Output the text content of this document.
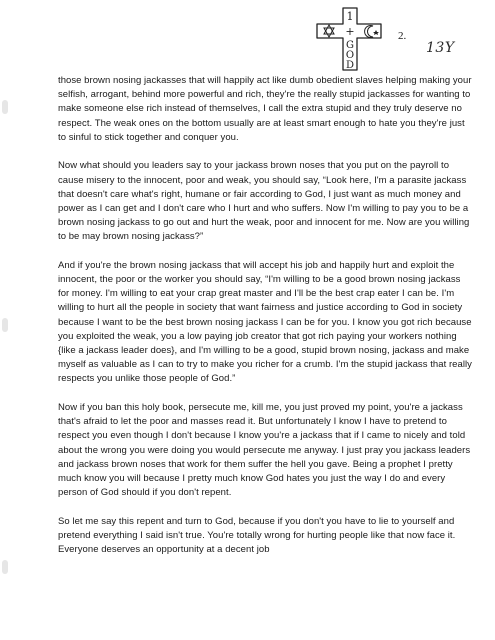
1
+
G
O
D
2.
13Y

those brown nosing jackasses that will happily act like dumb obedient slaves helping making your selfish, arrogant, behind more powerful and rich, they're the really stupid jackasses for wanting to make someone else rich instead of themselves, I call the extra stupid and they truly deserve no respect. The weak ones on the bottom usually are at least smart enough to hate you they're just to sinful to stick together and conquer you.

Now what should you leaders say to your jackass brown noses that you put on the payroll to cause misery to the innocent, poor and weak, you should say, “Look here, I'm a parasite jackass that doesn't care what's right, humane or fair according to God, I just want as much money and power as I can get and I don't care who I hurt and who suffers. Now I'm willing to pay you to be a brown nosing jackass to go out and hurt the weak, poor and innocent for me. Now are you willing to be may brown nosing jackass?”

And if you're the brown nosing jackass that will accept his job and happily hurt and exploit the innocent, the poor or the worker you should say, “I'm willing to be a good brown nosing jackass for money. I'm willing to eat your crap great master and I'll be the best crap eater I can be. I'm willing to hurt all the people in society that want fairness and justice according to God in society because I want to be the best brown nosing jackass I can be for you. I know you got rich because you exploited the weak, you a low paying job creator that got rich paying your workers nothing {like a jackass leader does}, and I'm willing to be a good, stupid brown nosing, jackass and make myself as valuable as I can to try to make you richer for a crumb. I'm the stupid jackass that really respects you unlike those people of God.”

Now if you ban this holy book, persecute me, kill me, you just proved my point, you're a jackass that's afraid to let the poor and masses read it. But unfortunately I know I have to pretend to respect you even though I don't because I know you're a jackass that if I came to nicely and told about the wrong you were doing you would persecute me anyway. I just pray you jackass leaders and jackass brown noses that work for them suffer the hell you gave. Being a prophet I pretty much know you will because I pretty much know God hates you just the way I do and every person of God should if you don't repent.

So let me say this repent and turn to God, because if you don't you have to lie to yourself and pretend everything I said isn't true. You're totally wrong for hurting people like that now face it. Everyone deserves an opportunity at a decent job
